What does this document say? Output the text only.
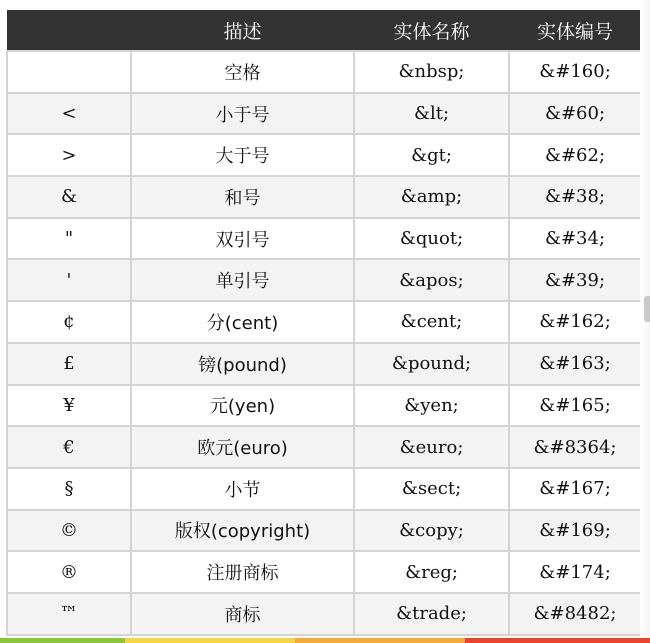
	描述	实体名称	实体编号
	空格	&nbsp;	&#160;
<	小于号	&lt;	&#60;
>	大于号	&gt;	&#62;
&	和号	&amp;	&#38;
"	双引号	&quot;	&#34;
'	单引号	&apos;	&#39;
¢	分(cent)	&cent;	&#162;
£	镑(pound)	&pound;	&#163;
¥	元(yen)	&yen;	&#165;
€	欧元(euro)	&euro;	&#8364;
§	小节	&sect;	&#167;
©	版权(copyright)	&copy;	&#169;
®	注册商标	&reg;	&#174;
™	商标	&trade;	&#8482;
